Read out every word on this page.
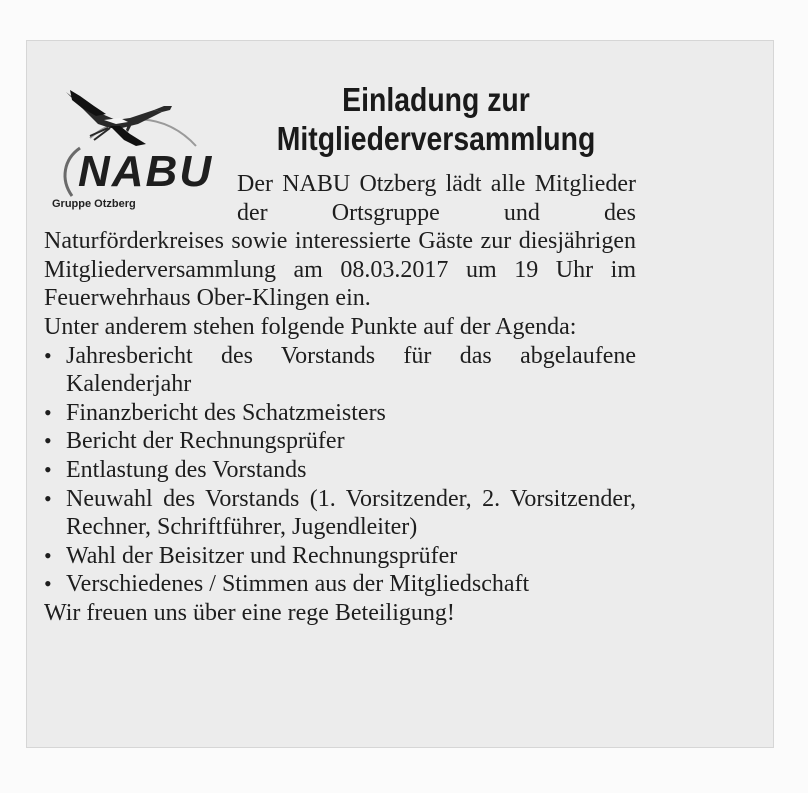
NABU
Gruppe Otzberg
Einladung zur
Mitgliederversammlung

Der NABU Otzberg lädt alle Mitglieder der Ortsgruppe und des Naturförderkreises sowie interessierte Gäste zur diesjährigen Mitgliederversammlung am 08.03.2017 um 19 Uhr im Feuerwehrhaus Ober-Klingen ein.

Unter anderem stehen folgende Punkte auf der Agenda:

• Jahresbericht des Vorstands für das abgelaufene Kalenderjahr
• Finanzbericht des Schatzmeisters
• Bericht der Rechnungsprüfer
• Entlastung des Vorstands
• Neuwahl des Vorstands (1. Vorsitzender, 2. Vorsitzender, Rechner, Schriftführer, Jugendleiter)
• Wahl der Beisitzer und Rechnungsprüfer
• Verschiedenes / Stimmen aus der Mitgliedschaft

Wir freuen uns über eine rege Beteiligung!
